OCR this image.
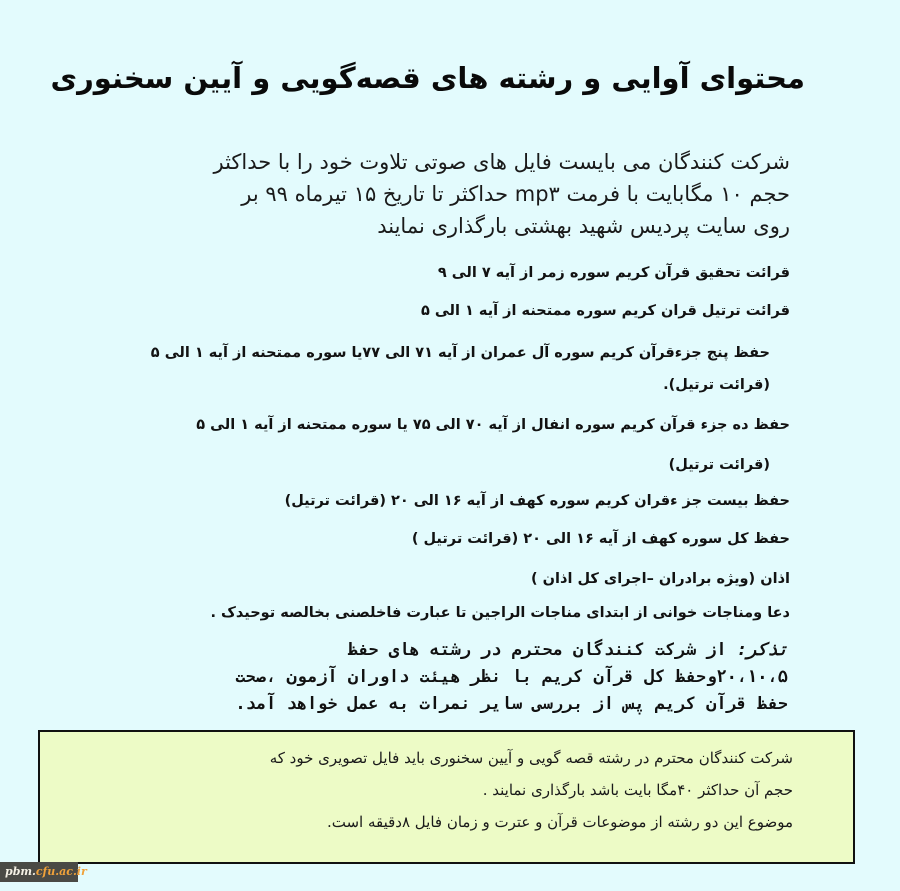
محتوای آوایی و رشته های قصه‌گویی و آیین سخنوری
شرکت کنندگان می بایست فایل های صوتی تلاوت خود را با حداکثر
حجم ۱۰ مگابایت با فرمت mp۳ حداکثر تا تاریخ ۱۵ تیرماه ۹۹ بر
روی سایت پردیس شهید بهشتی بارگذاری نمایند
قرائت تحقیق قرآن کریم سوره زمر از آیه ۷ الی ۹
قرائت ترتیل قران کریم سوره ممتحنه از آیه ۱ الی ۵
حفظ پنج جزءقرآن کریم سوره آل عمران از آیه ۷۱ الی ۷۷یا سوره ممتحنه از آیه ۱ الی ۵
(قرائت ترتیل).
حفظ ده جزء قرآن کریم سوره انفال از آیه ۷۰ الی ۷۵ یا سوره ممتحنه از آیه ۱ الی ۵
(قرائت ترتیل)
حفظ بیست جز ءقران کریم سوره کهف از آیه ۱۶ الی ۲۰ (قرائت ترتیل)
حفظ کل سوره کهف از آیه ۱۶ الی ۲۰ (قرائت ترتیل )
اذان (ویژه برادران –اجرای کل اذان )
دعا ومناجات خوانی از ابتدای مناجات الراجین تا عبارت فاخلصنی بخالصه توحیدک .
تذکر: از شرکت کنندگان محترم در رشته های حفظ
۲۰،۱۰،۵وحفظ کل قرآن کریم با نظر هیئت داوران آزمون ،صحت
حفظ قرآن کریم پس از بررسی سایر نمرات به عمل خواهد آمد.
شرکت کنندگان محترم در رشته قصه گویی و آیین سخنوری باید فایل تصویری خود که
حجم آن حداکثر ۴۰مگا بایت باشد بارگذاری نمایند .
موضوع این دو رشته از موضوعات قرآن و عترت و زمان فایل ۸دقیقه است.
pbm.cfu.ac.ir
